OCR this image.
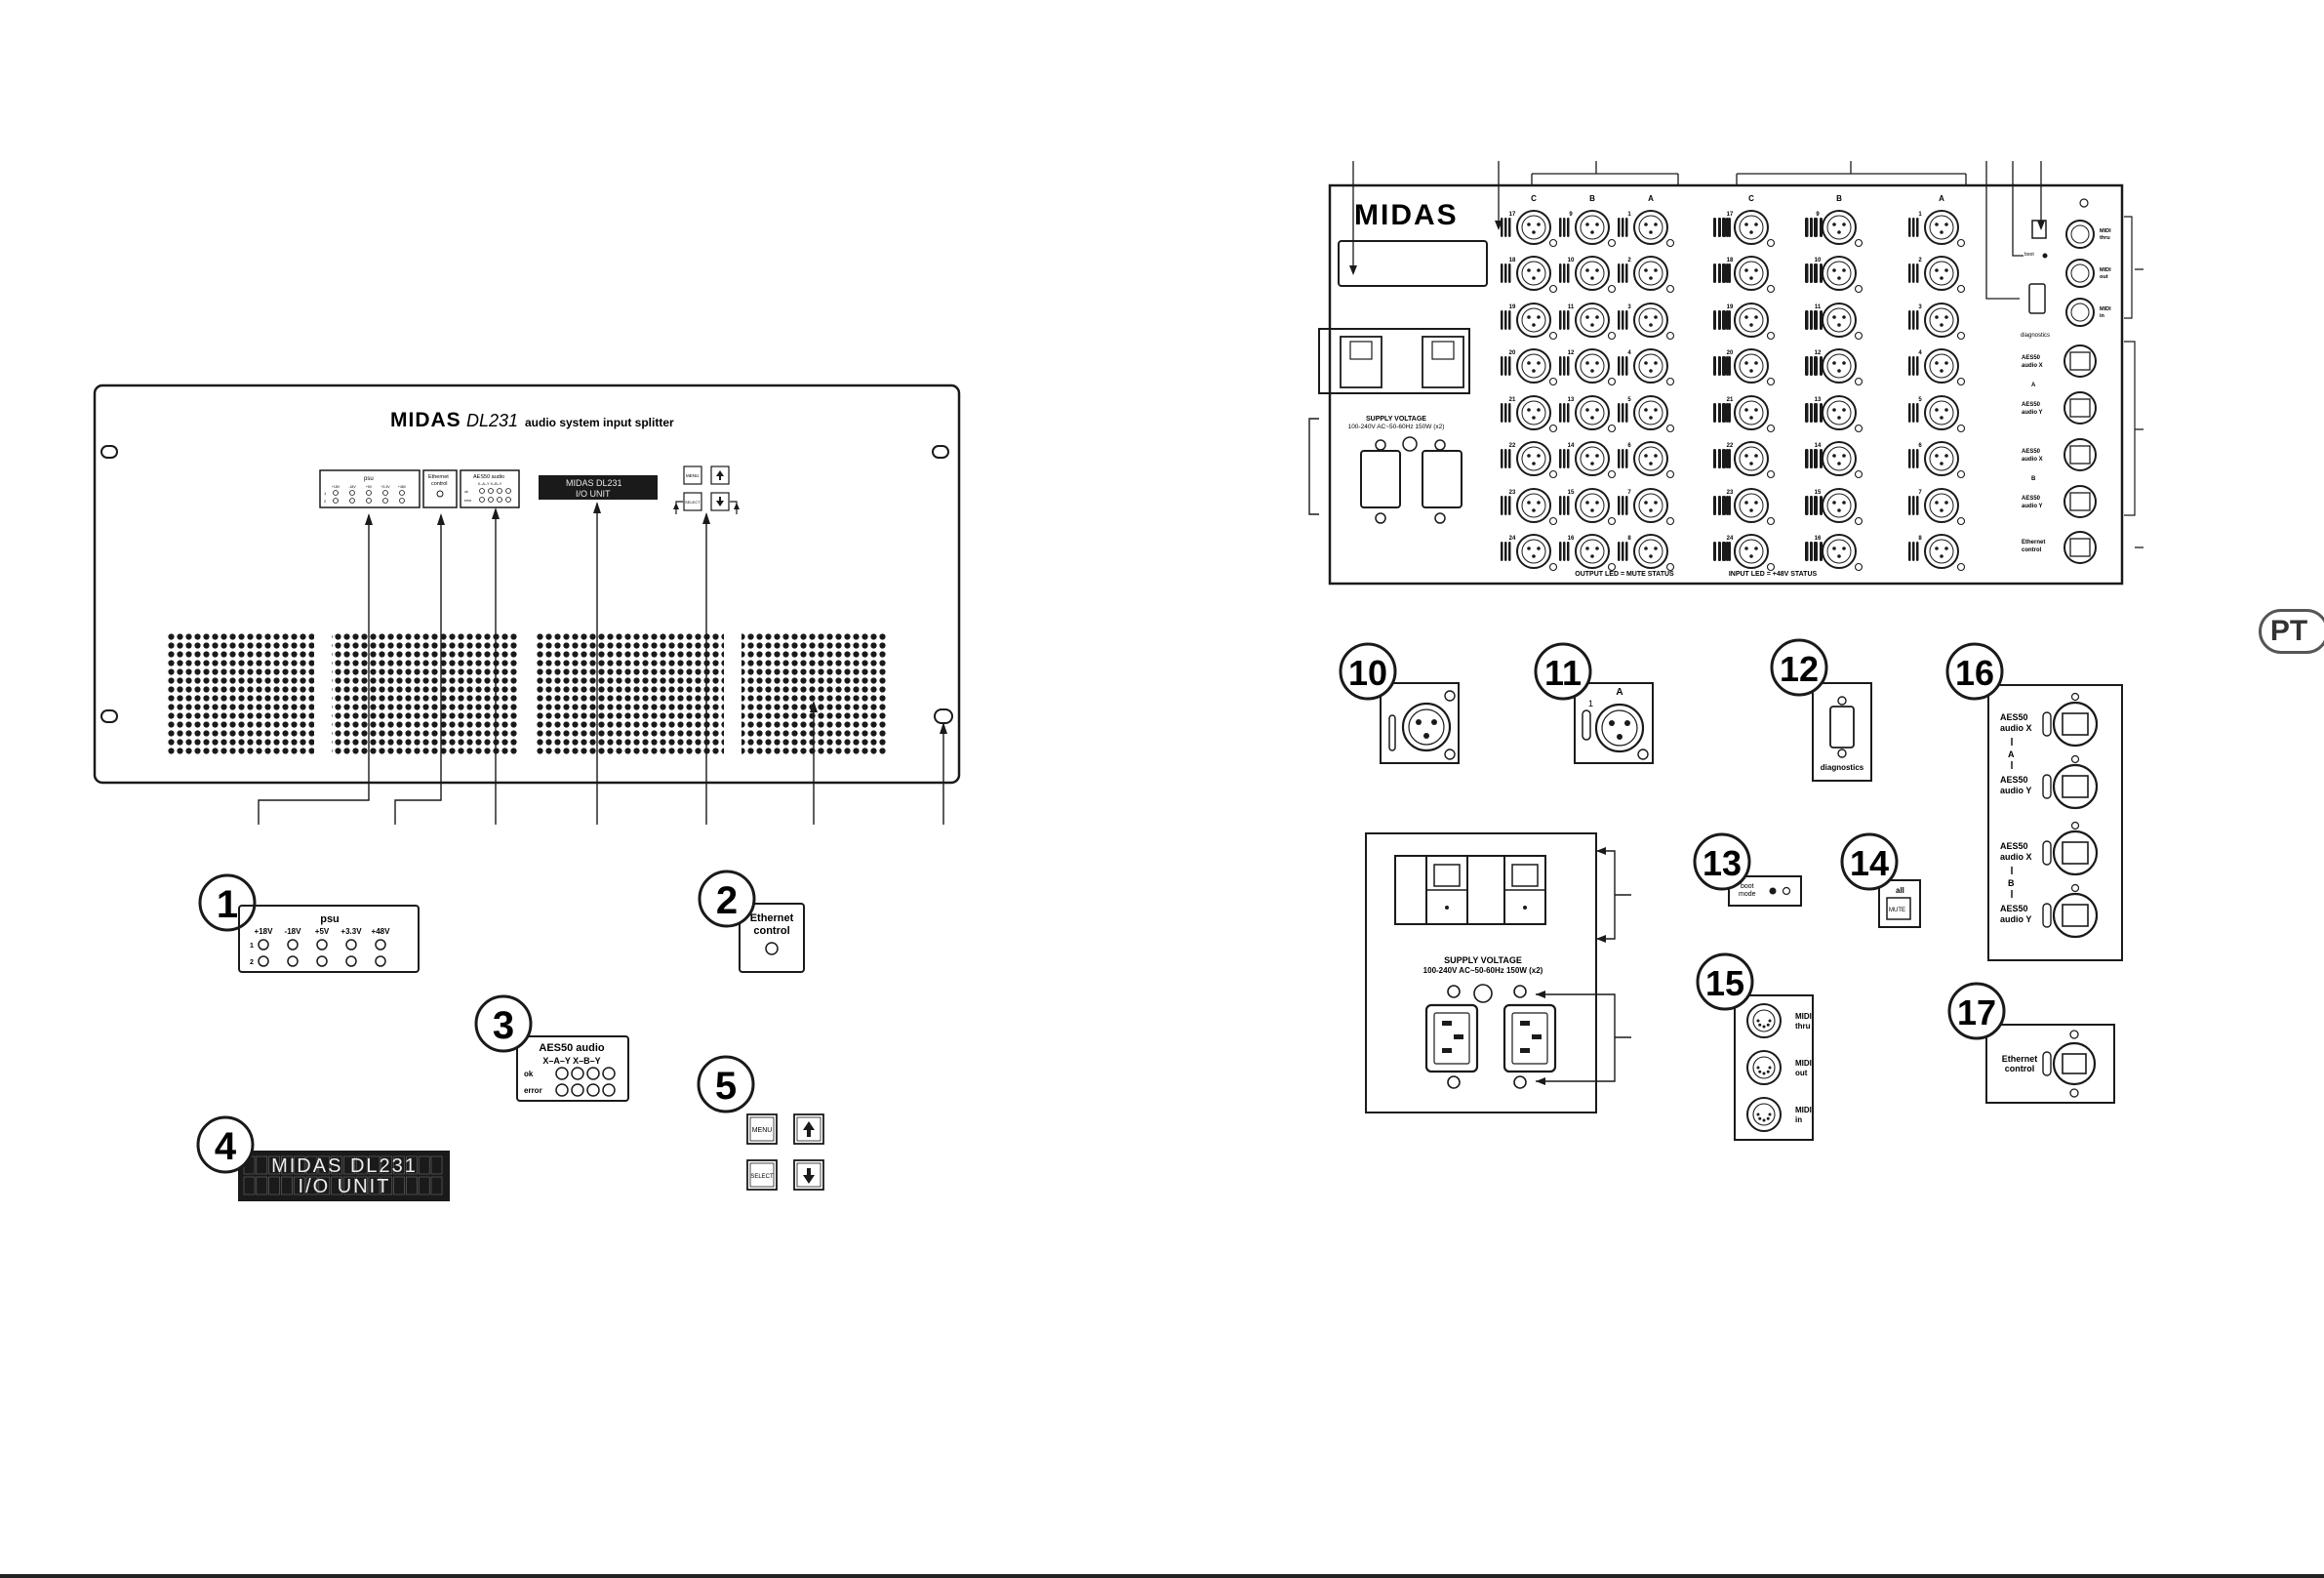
MIDAS DL231 audio system input splitter
psu
+18V	-18V	+5V	+3.3V +48V
1
2
Ethernet
control
AES50 audio
X–A–Y X–B–Y
ok
error
MIDAS DL231
I/O UNIT
MENU
SELECT
1	psu
+18V -18V +5V +3.3V +48V
1
2
2 Ethernet
control
3
AES50 audio
X–A–Y X–B–Y
ok
error
MIDAS DL231
I/O UNIT
4
5
MENU
SELECT
MIDAS
SUPPLY VOLTAGE
100-240V AC~50-60Hz 150W (x2)
C	B	A	C	B	A
17
18
19
20
21
22
23
24
9
10
11
12
13
14
15
16
1
2
3
4
5
6
7
8
17
18
19
20
21
22
23
24
9
10
11
12
13
14
15
16
1
2
3
4
5
6
7
8
OUTPUT LED = MUTE STATUS	INPUT LED = +48V STATUS
boot
diagnostics
MIDI
thru
MIDI
out
MIDI
in
AES50
audio X
AES50
audio Y
AES50
audio X
AES50
audio Y
A
B
Ethernet
control
10	A
1
11
diagnostics
12
AES50
audio X
AES50
audio Y
AES50
audio X
AES50
audio Y
A
B
16
SUPPLY VOLTAGE
100-240V AC~50-60Hz 150W (x2)
boot
mode
13
all
MUTE
14
MIDI
thru
MIDI
out
MIDI
in
15
Ethernet
control
17
PT
